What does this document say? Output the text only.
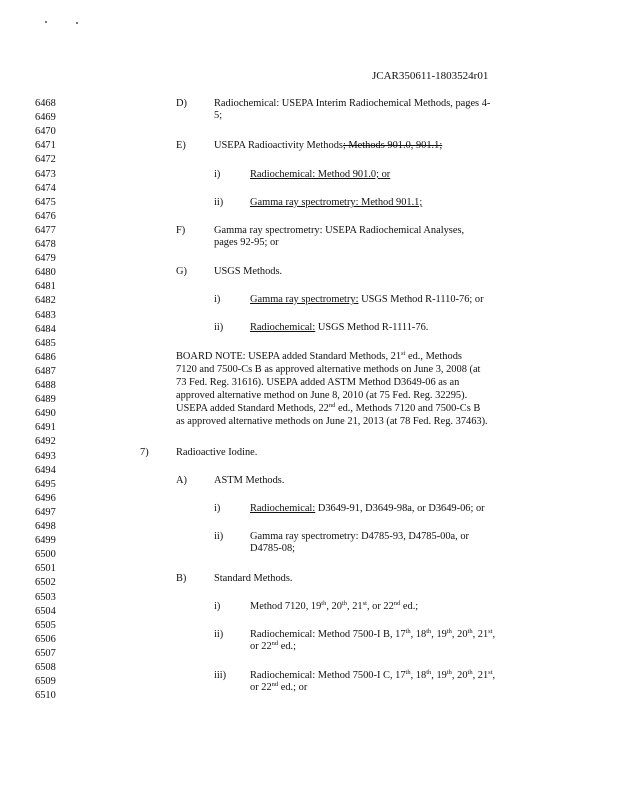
JCAR350611-1803524r01
6468
6469
6470
6471
6472
6473
6474
6475
6476
6477
6478
6479
6480
6481
6482
6483
6484
6485
6486
6487
6488
6489
6490
6491
6492
6493
6494
6495
6496
6497
6498
6499
6500
6501
6502
6503
6504
6505
6506
6507
6508
6509
6510
D)	Radiochemical: USEPA Interim Radiochemical Methods, pages 4-
5;
E)	USEPA Radioactivity Methods; Methods 901.0, 901.1;
i)	Radiochemical: Method 901.0; or
ii)	Gamma ray spectrometry: Method 901.1;
F)	Gamma ray spectrometry: USEPA Radiochemical Analyses,
pages 92-95; or
G)	USGS Methods.
i)	Gamma ray spectrometry: USGS Method R-1110-76; or
ii)	Radiochemical: USGS Method R-1111-76.
BOARD NOTE: USEPA added Standard Methods, 21st ed., Methods
7120 and 7500-Cs B as approved alternative methods on June 3, 2008 (at
73 Fed. Reg. 31616). USEPA added ASTM Method D3649-06 as an
approved alternative method on June 8, 2010 (at 75 Fed. Reg. 32295).
USEPA added Standard Methods, 22nd ed., Methods 7120 and 7500-Cs B
as approved alternative methods on June 21, 2013 (at 78 Fed. Reg. 37463).
7)	Radioactive Iodine.
A)	ASTM Methods.
i)	Radiochemical: D3649-91, D3649-98a, or D3649-06; or
ii)	Gamma ray spectrometry: D4785-93, D4785-00a, or
D4785-08;
B)	Standard Methods.
i)	Method 7120, 19th, 20th, 21st, or 22nd ed.;
ii)	Radiochemical: Method 7500-I B, 17th, 18th, 19th, 20th, 21st,
or 22nd ed.;
iii) Radiochemical: Method 7500-I C, 17th, 18th, 19th, 20th, 21st,
or 22nd ed.; or
